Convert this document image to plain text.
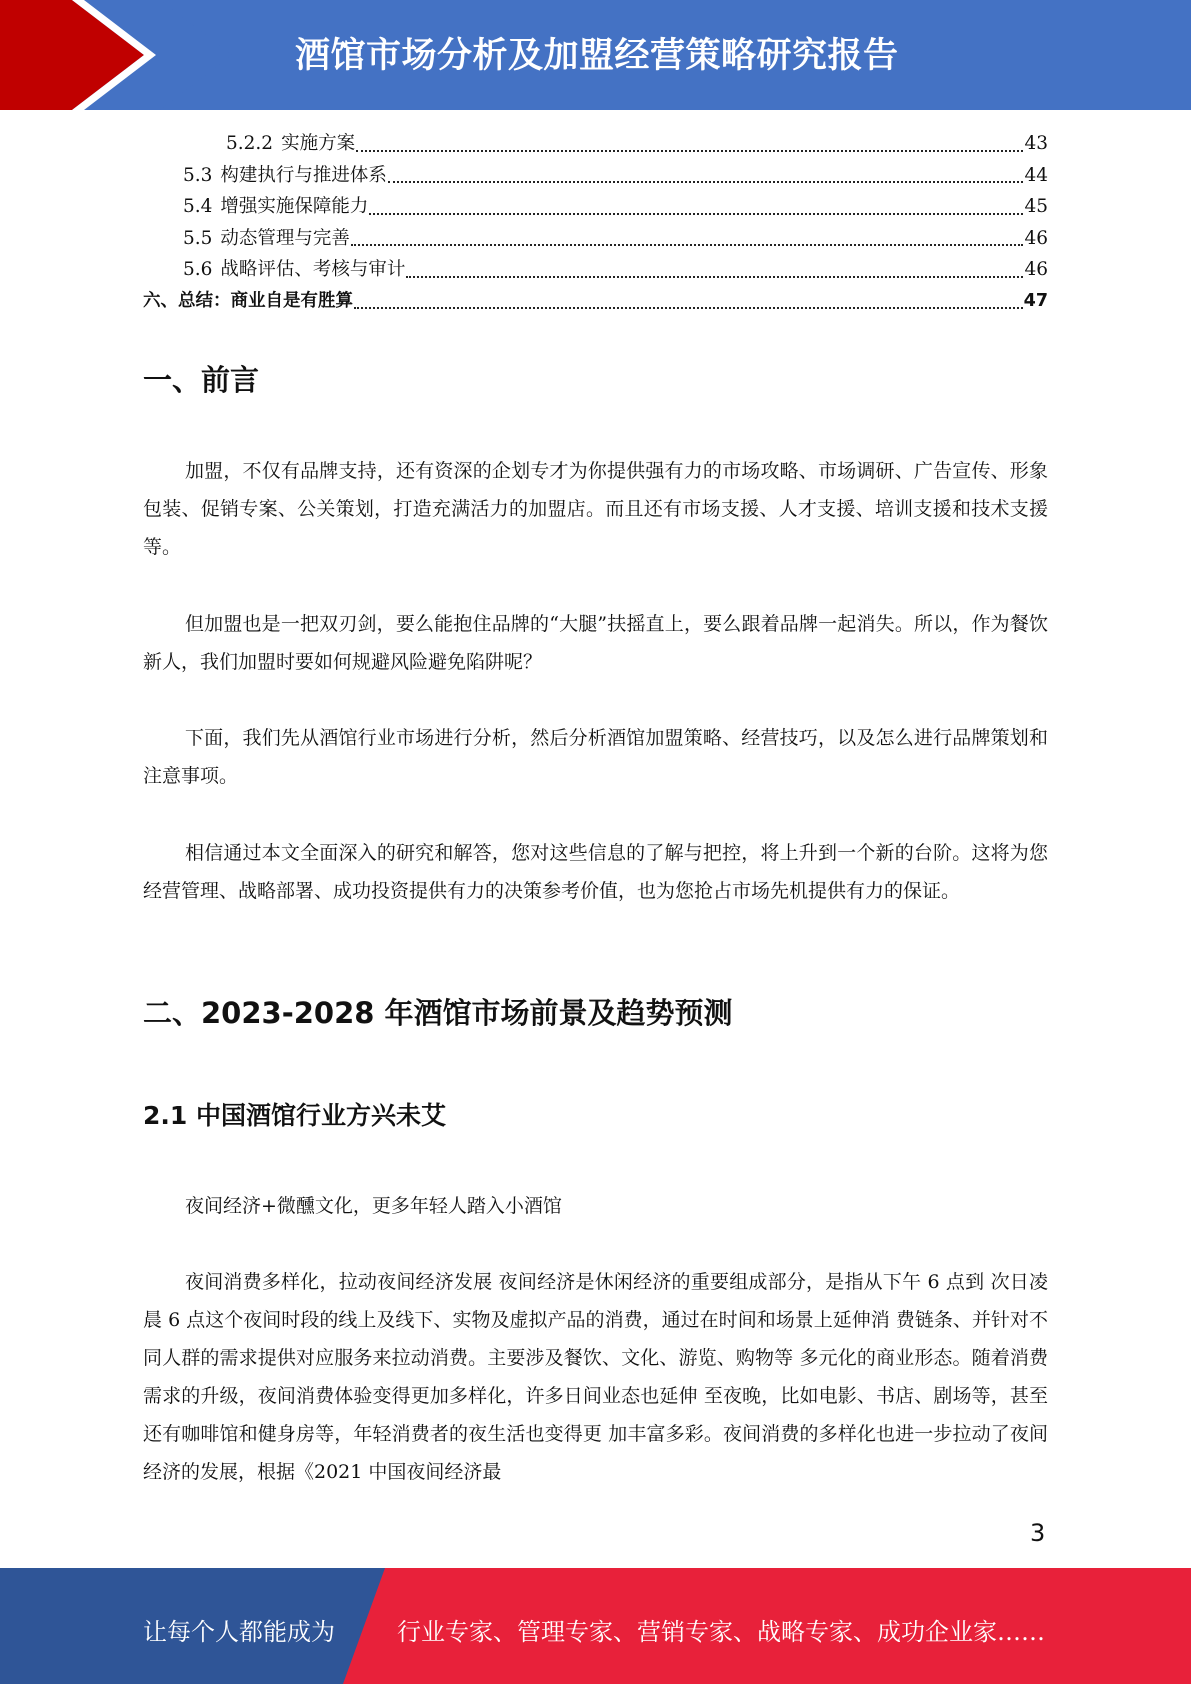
酒馆市场分析及加盟经营策略研究报告
5.2.2 实施方案	43
5.3 构建执行与推进体系	44
5.4 增强实施保障能力	45
5.5 动态管理与完善	46
5.6 战略评估、考核与审计	46
六、总结：商业自是有胜算	47
一、前言

加盟，不仅有品牌支持，还有资深的企划专才为你提供强有力的市场攻略、市场调研、广告宣传、形象包装、促销专案、公关策划，打造充满活力的加盟店。而且还有市场支援、人才支援、培训支援和技术支援等。

但加盟也是一把双刃剑，要么能抱住品牌的“大腿”扶摇直上，要么跟着品牌一起消失。所以，作为餐饮新人，我们加盟时要如何规避风险避免陷阱呢？

下面，我们先从酒馆行业市场进行分析，然后分析酒馆加盟策略、经营技巧，以及怎么进行品牌策划和注意事项。

相信通过本文全面深入的研究和解答，您对这些信息的了解与把控，将上升到一个新的台阶。这将为您经营管理、战略部署、成功投资提供有力的决策参考价值，也为您抢占市场先机提供有力的保证。

二、2023-2028 年酒馆市场前景及趋势预测
2.1 中国酒馆行业方兴未艾

夜间经济+微醺文化，更多年轻人踏入小酒馆

夜间消费多样化，拉动夜间经济发展 夜间经济是休闲经济的重要组成部分，是指从下午 6 点到 次日凌晨 6 点这个夜间时段的线上及线下、实物及虚拟产品的消费，通过在时间和场景上延伸消 费链条、并针对不同人群的需求提供对应服务来拉动消费。主要涉及餐饮、文化、游览、购物等 多元化的商业形态。随着消费需求的升级，夜间消费体验变得更加多样化，许多日间业态也延伸 至夜晚，比如电影、书店、剧场等，甚至还有咖啡馆和健身房等，年轻消费者的夜生活也变得更 加丰富多彩。夜间消费的多样化也进一步拉动了夜间经济的发展，根据《2021 中国夜间经济最

3
让每个人都能成为	行业专家、管理专家、营销专家、战略专家、成功企业家……
